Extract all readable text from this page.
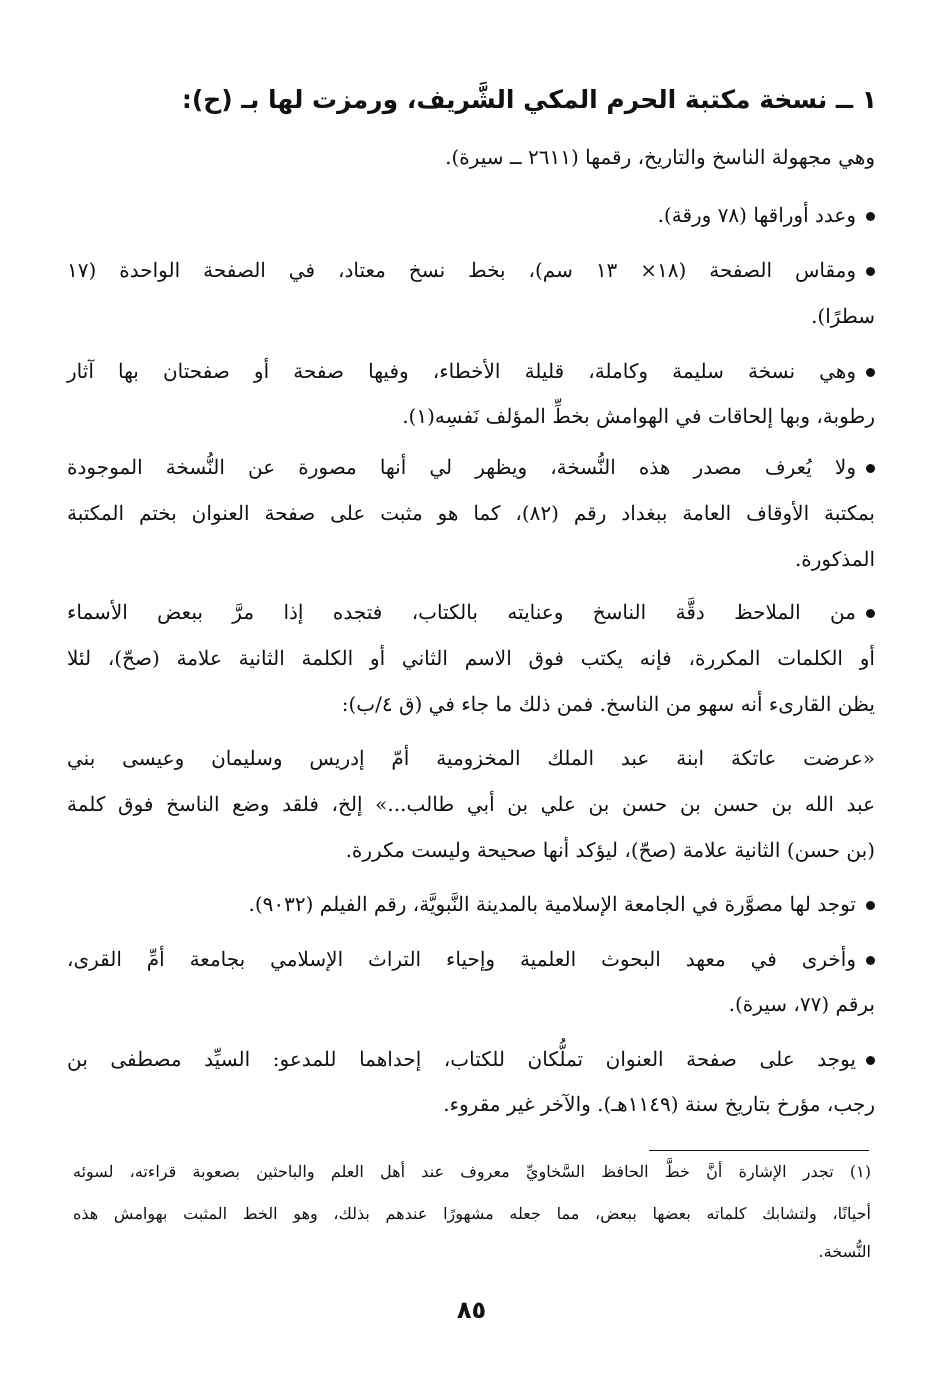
١ ــ نسخة مكتبة الحرم المكي الشَّريف، ورمزت لها بـ (ح):
وهي مجهولة الناسخ والتاريخ، رقمها (٢٦١١ ــ سيرة).
وعدد أوراقها (٧٨ ورقة).
ومقاس الصفحة (١٨× ١٣ سم)، بخط نسخ معتاد، في الصفحة الواحدة (١٧
سطرًا).
وهي نسخة سليمة وكاملة، قليلة الأخطاء، وفيها صفحة أو صفحتان بها آثار
رطوبة، وبها إلحاقات في الهوامش بخطِّ المؤلف نَفسِه(١).
ولا يُعرف مصدر هذه النُّسخة، ويظهر لي أنها مصورة عن النُّسخة الموجودة
بمكتبة الأوقاف العامة ببغداد رقم (٨٢)، كما هو مثبت على صفحة العنوان بختم المكتبة
المذكورة.
من الملاحظ دقَّة الناسخ وعنايته بالكتاب، فتجده إذا مرَّ ببعض الأسماء
أو الكلمات المكررة، فإنه يكتب فوق الاسم الثاني أو الكلمة الثانية علامة (صحّ)، لئلا
يظن القارىء أنه سهو من الناسخ. فمن ذلك ما جاء في (ق ٤/ب):
«عرضت عاتكة ابنة عبد الملك المخزومية أمّ إدريس وسليمان وعيسى بني
عبد الله بن حسن بن حسن بن علي بن أبي طالب...» إلخ، فلقد وضع الناسخ فوق كلمة
(بن حسن) الثانية علامة (صحّ)، ليؤكد أنها صحيحة وليست مكررة.
توجد لها مصوَّرة في الجامعة الإسلامية بالمدينة النَّبويَّة، رقم الفيلم (٩٠٣٢).
وأخرى في معهد البحوث العلمية وإحياء التراث الإسلامي بجامعة أمِّ القرى،
برقم (٧٧، سيرة).
يوجد على صفحة العنوان تملُّكان للكتاب، إحداهما للمدعو: السيِّد مصطفى بن
رجب، مؤرخ بتاريخ سنة (١١٤٩هـ). والآخر غير مقروء.
(١) تجدر الإشارة أنَّ خطَّ الحافظ السَّخاويِّ معروف عند أهل العلم والباحثين بصعوبة قراءته، لسوئه
أحيانًا، ولتشابك كلماته بعضها ببعض، مما جعله مشهورًا عندهم بذلك، وهو الخط المثبت بهوامش هذه
النُّسخة.
٨٥
